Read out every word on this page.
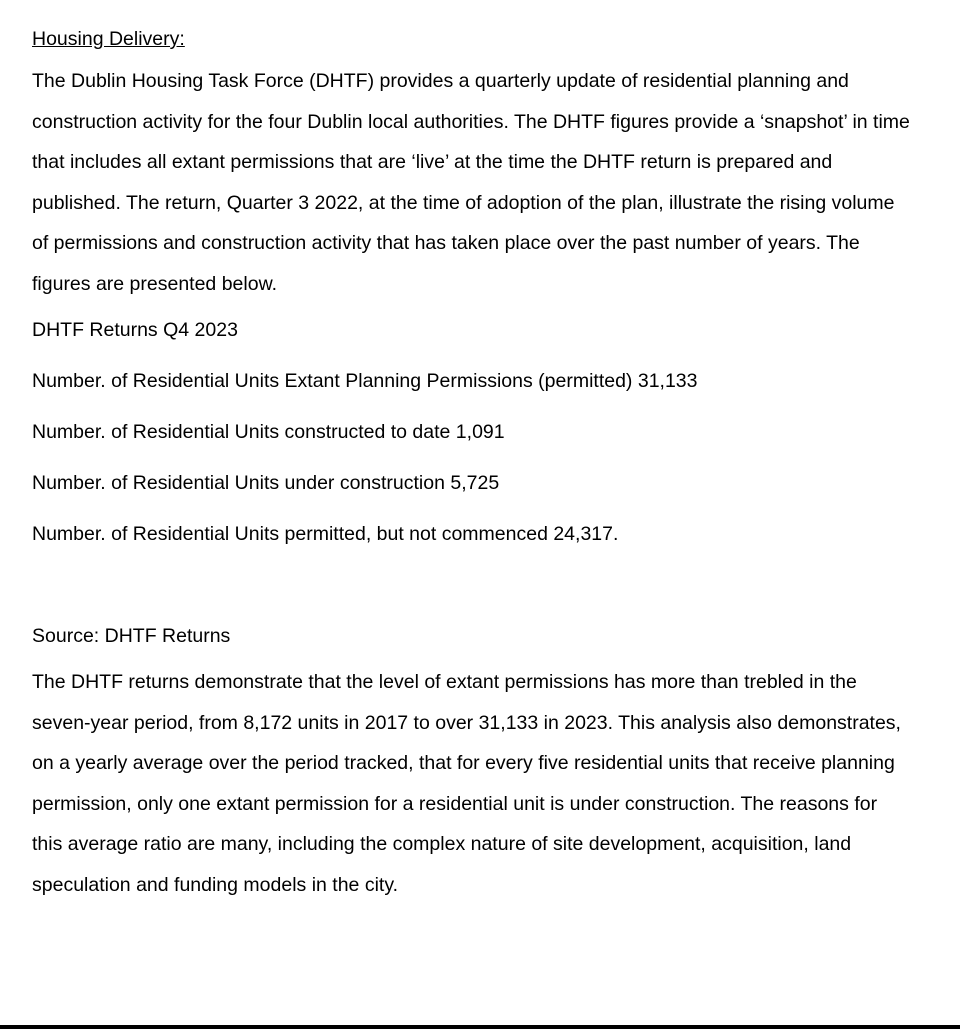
Housing Delivery:

The Dublin Housing Task Force (DHTF) provides a quarterly update of residential planning and construction activity for the four Dublin local authorities. The DHTF figures provide a ‘snapshot’ in time that includes all extant permissions that are ‘live’ at the time the DHTF return is prepared and published. The return, Quarter 3 2022, at the time of adoption of the plan, illustrate the rising volume of permissions and construction activity that has taken place over the past number of years. The figures are presented below.

DHTF Returns Q4 2023

Number. of Residential Units Extant Planning Permissions (permitted) 31,133

Number. of Residential Units constructed to date 1,091

Number. of Residential Units under construction 5,725

Number. of Residential Units permitted, but not commenced 24,317.

Source: DHTF Returns

The DHTF returns demonstrate that the level of extant permissions has more than trebled in the seven-year period, from 8,172 units in 2017 to over 31,133 in 2023. This analysis also demonstrates, on a yearly average over the period tracked, that for every five residential units that receive planning permission, only one extant permission for a residential unit is under construction. The reasons for this average ratio are many, including the complex nature of site development, acquisition, land speculation and funding models in the city.
